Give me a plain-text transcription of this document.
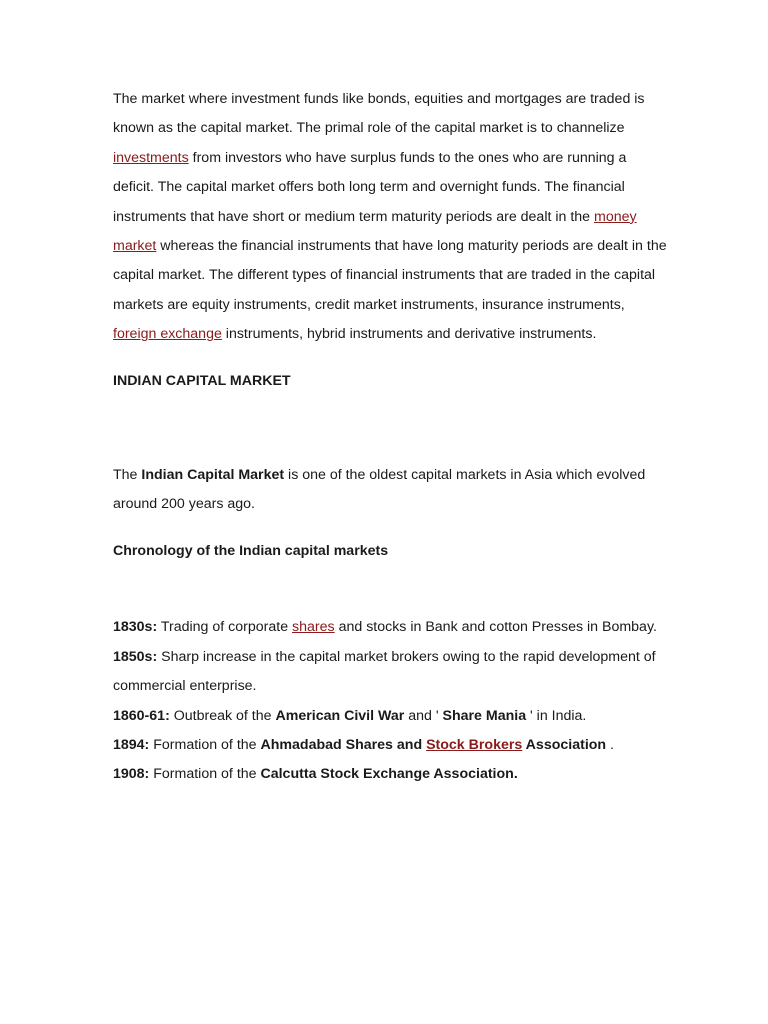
The market where investment funds like bonds, equities and mortgages are traded is known as the capital market. The primal role of the capital market is to channelize investments from investors who have surplus funds to the ones who are running a deficit. The capital market offers both long term and overnight funds. The financial instruments that have short or medium term maturity periods are dealt in the money market whereas the financial instruments that have long maturity periods are dealt in the capital market. The different types of financial instruments that are traded in the capital markets are equity instruments, credit market instruments, insurance instruments, foreign exchange instruments, hybrid instruments and derivative instruments.

INDIAN CAPITAL MARKET

The Indian Capital Market is one of the oldest capital markets in Asia which evolved around 200 years ago.

Chronology of the Indian capital markets

1830s: Trading of corporate shares and stocks in Bank and cotton Presses in Bombay.

1850s: Sharp increase in the capital market brokers owing to the rapid development of commercial enterprise.

1860-61: Outbreak of the American Civil War and ' Share Mania ' in India.

1894: Formation of the Ahmadabad Shares and Stock Brokers Association .

1908: Formation of the Calcutta Stock Exchange Association.
